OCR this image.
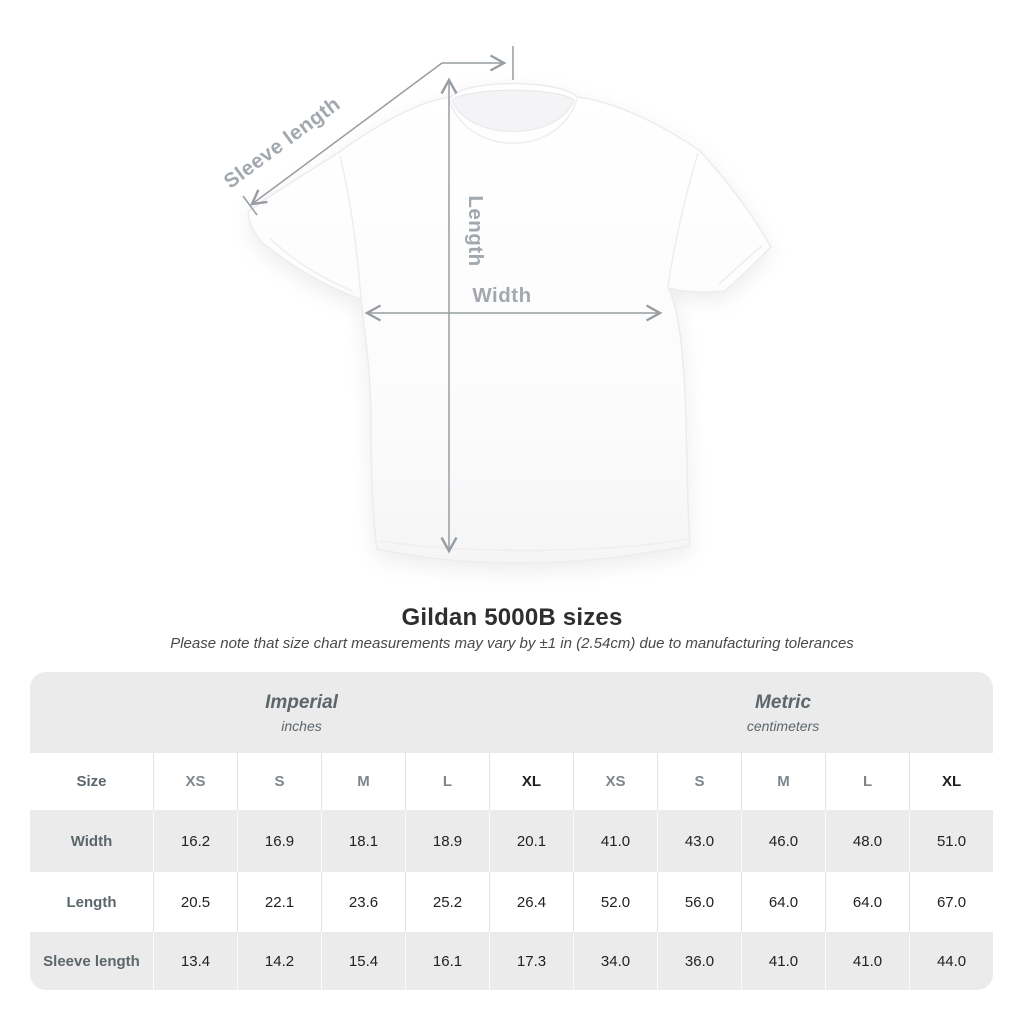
Sleeve length
Length
Width
Gildan 5000B sizes
Please note that size chart measurements may vary by ±1 in (2.54cm) due to manufacturing tolerances
Imperial
inches

Metric
centimeters

Size	XS	S	M	L	XL	XS	S	M	L	XL
Width	16.2	16.9	18.1	18.9	20.1	41.0	43.0	46.0	48.0	51.0
Length	20.5	22.1	23.6	25.2	26.4	52.0	56.0	64.0	64.0	67.0
Sleeve length	13.4	14.2	15.4	16.1	17.3	34.0	36.0	41.0	41.0	44.0
